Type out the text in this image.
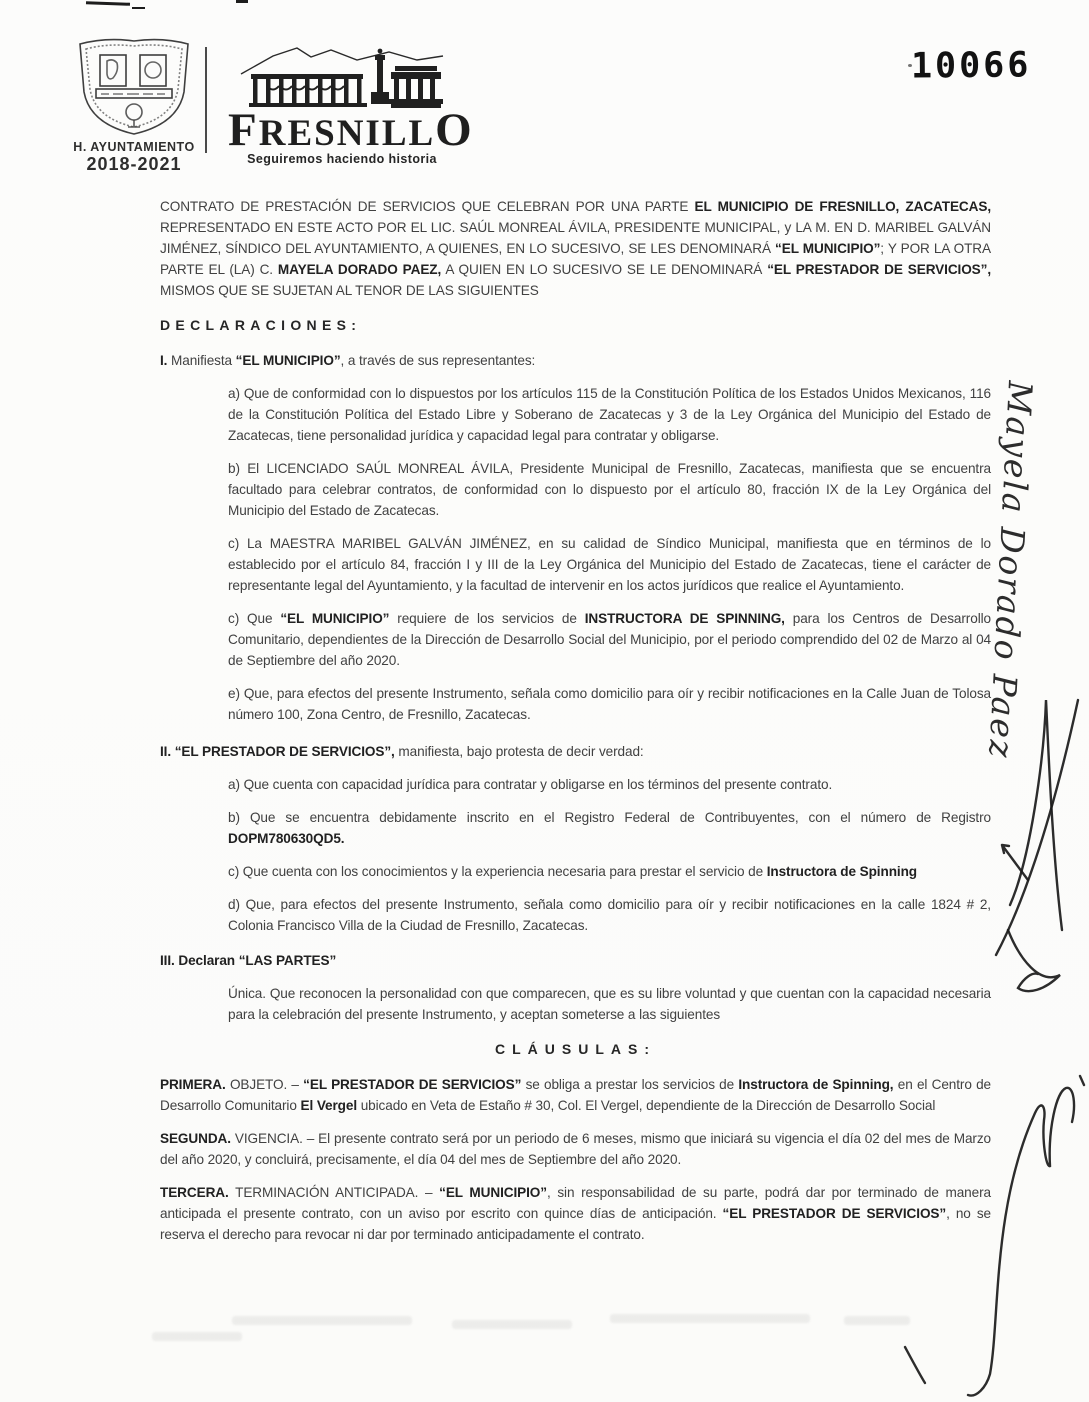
H. AYUNTAMIENTO
2018-2021
FRESNILLO
Seguiremos haciendo historia
10066

CONTRATO DE PRESTACIÓN DE SERVICIOS QUE CELEBRAN POR UNA PARTE EL MUNICIPIO DE FRESNILLO, ZACATECAS, REPRESENTADO EN ESTE ACTO POR EL LIC. SAÚL MONREAL ÁVILA, PRESIDENTE MUNICIPAL, y LA M. EN D. MARIBEL GALVÁN JIMÉNEZ, SÍNDICO DEL AYUNTAMIENTO, A QUIENES, EN LO SUCESIVO, SE LES DENOMINARÁ “EL MUNICIPIO”; Y POR LA OTRA PARTE EL (LA) C. MAYELA DORADO PAEZ, A QUIEN EN LO SUCESIVO SE LE DENOMINARÁ “EL PRESTADOR DE SERVICIOS”, MISMOS QUE SE SUJETAN AL TENOR DE LAS SIGUIENTES

DECLARACIONES:

I. Manifiesta “EL MUNICIPIO”, a través de sus representantes:

a) Que de conformidad con lo dispuestos por los artículos 115 de la Constitución Política de los Estados Unidos Mexicanos, 116 de la Constitución Política del Estado Libre y Soberano de Zacatecas y 3 de la Ley Orgánica del Municipio del Estado de Zacatecas, tiene personalidad jurídica y capacidad legal para contratar y obligarse.

b) El LICENCIADO SAÚL MONREAL ÁVILA, Presidente Municipal de Fresnillo, Zacatecas, manifiesta que se encuentra facultado para celebrar contratos, de conformidad con lo dispuesto por el artículo 80, fracción IX de la Ley Orgánica del Municipio del Estado de Zacatecas.

c) La MAESTRA MARIBEL GALVÁN JIMÉNEZ, en su calidad de Síndico Municipal, manifiesta que en términos de lo establecido por el artículo 84, fracción I y III de la Ley Orgánica del Municipio del Estado de Zacatecas, tiene el carácter de representante legal del Ayuntamiento, y la facultad de intervenir en los actos jurídicos que realice el Ayuntamiento.

c) Que “EL MUNICIPIO” requiere de los servicios de INSTRUCTORA DE SPINNING, para los Centros de Desarrollo Comunitario, dependientes de la Dirección de Desarrollo Social del Municipio, por el periodo comprendido del 02 de Marzo al 04 de Septiembre del año 2020.

e) Que, para efectos del presente Instrumento, señala como domicilio para oír y recibir notificaciones en la Calle Juan de Tolosa número 100, Zona Centro, de Fresnillo, Zacatecas.

II. “EL PRESTADOR DE SERVICIOS”, manifiesta, bajo protesta de decir verdad:

a) Que cuenta con capacidad jurídica para contratar y obligarse en los términos del presente contrato.

b) Que se encuentra debidamente inscrito en el Registro Federal de Contribuyentes, con el número de Registro DOPM780630QD5.

c) Que cuenta con los conocimientos y la experiencia necesaria para prestar el servicio de Instructora de Spinning

d) Que, para efectos del presente Instrumento, señala como domicilio para oír y recibir notificaciones en la calle 1824 # 2, Colonia Francisco Villa de la Ciudad de Fresnillo, Zacatecas.

III. Declaran “LAS PARTES”

Única. Que reconocen la personalidad con que comparecen, que es su libre voluntad y que cuentan con la capacidad necesaria para la celebración del presente Instrumento, y aceptan someterse a las siguientes

CLÁUSULAS:

PRIMERA. OBJETO. – “EL PRESTADOR DE SERVICIOS” se obliga a prestar los servicios de Instructora de Spinning, en el Centro de Desarrollo Comunitario El Vergel ubicado en Veta de Estaño # 30, Col. El Vergel, dependiente de la Dirección de Desarrollo Social

SEGUNDA. VIGENCIA. – El presente contrato será por un periodo de 6 meses, mismo que iniciará su vigencia el día 02 del mes de Marzo del año 2020, y concluirá, precisamente, el día 04 del mes de Septiembre del año 2020.

TERCERA. TERMINACIÓN ANTICIPADA. – “EL MUNICIPIO”, sin responsabilidad de su parte, podrá dar por terminado de manera anticipada el presente contrato, con un aviso por escrito con quince días de anticipación. “EL PRESTADOR DE SERVICIOS”, no se reserva el derecho para revocar ni dar por terminado anticipadamente el contrato.

Mayela Dorado Paez
